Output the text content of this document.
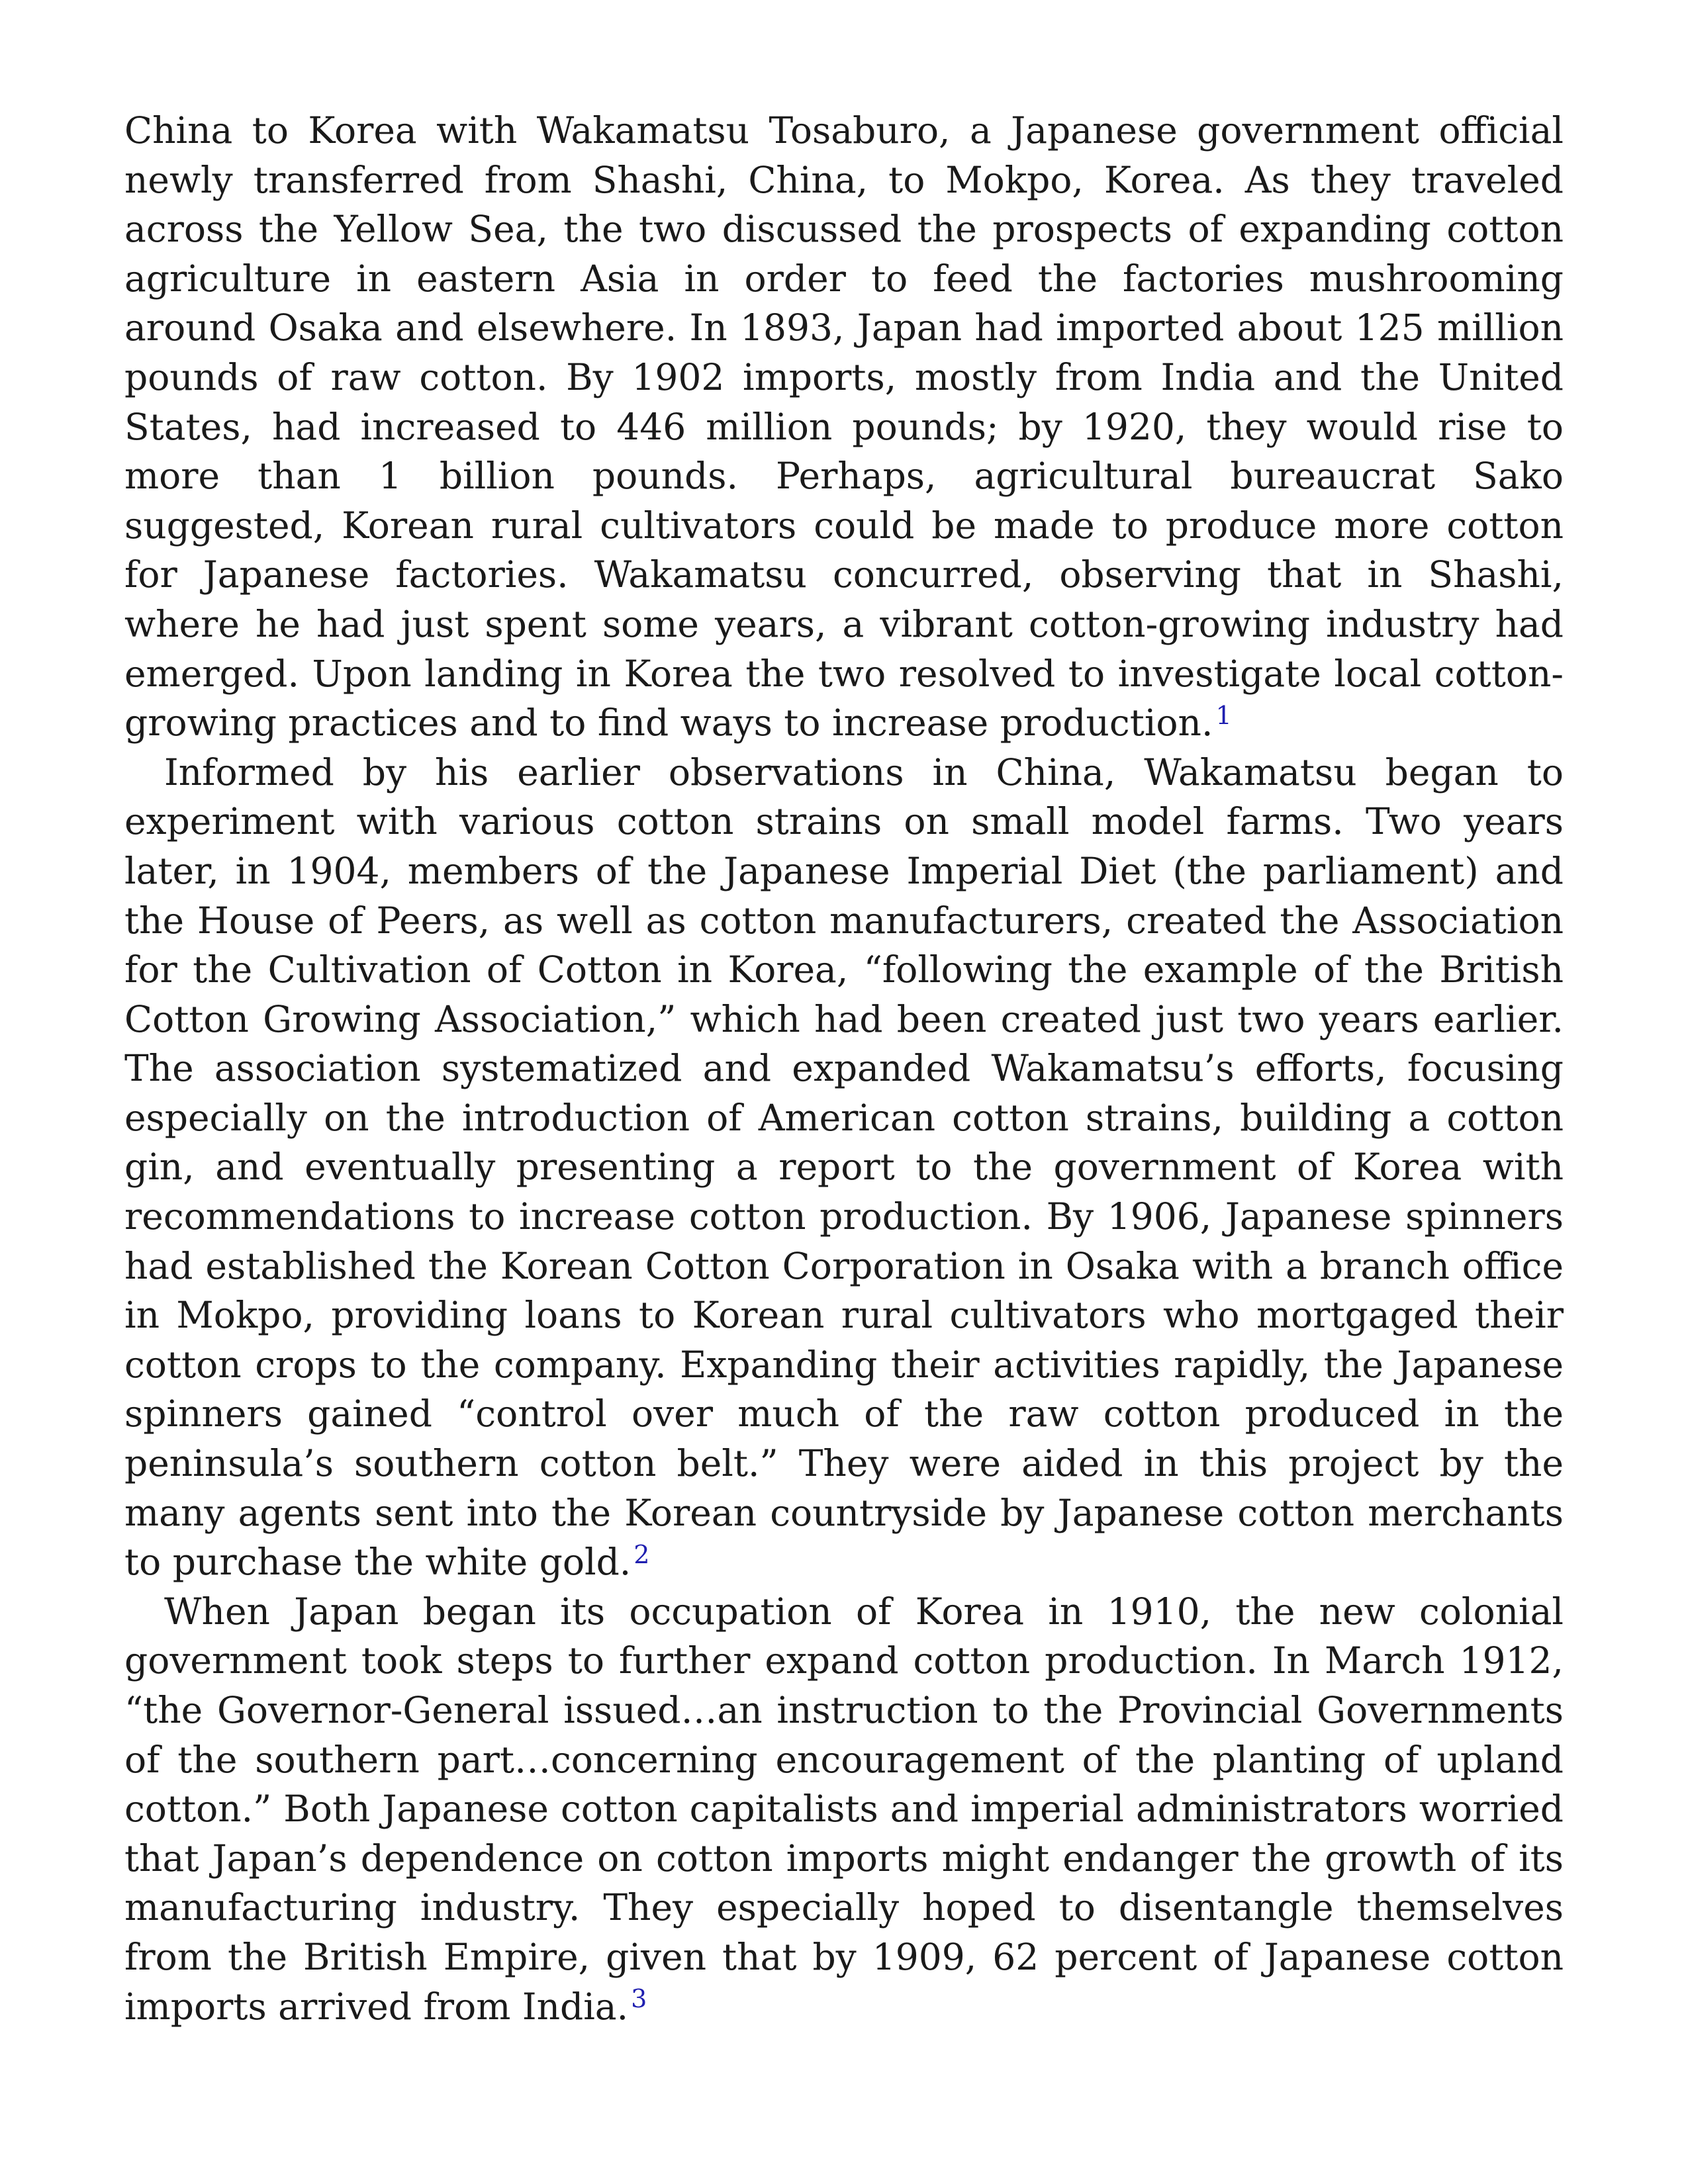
China to Korea with Wakamatsu Tosaburo, a Japanese government official newly transferred from Shashi, China, to Mokpo, Korea. As they traveled across the Yellow Sea, the two discussed the prospects of expanding cotton agriculture in eastern Asia in order to feed the factories mushrooming around Osaka and elsewhere. In 1893, Japan had imported about 125 million pounds of raw cotton. By 1902 imports, mostly from India and the United States, had increased to 446 million pounds; by 1920, they would rise to more than 1 billion pounds. Perhaps, agricultural bureaucrat Sako suggested, Korean rural cultivators could be made to produce more cotton for Japanese factories. Wakamatsu concurred, observing that in Shashi, where he had just spent some years, a vibrant cotton-growing industry had emerged. Upon landing in Korea the two resolved to investigate local cotton-growing practices and to find ways to increase production. $^1$

Informed by his earlier observations in China, Wakamatsu began to experiment with various cotton strains on small model farms. Two years later, in 1904, members of the Japanese Imperial Diet (the parliament) and the House of Peers, as well as cotton manufacturers, created the Association for the Cultivation of Cotton in Korea, “following the example of the British Cotton Growing Association,” which had been created just two years earlier. The association systematized and expanded Wakamatsu’s efforts, focusing especially on the introduction of American cotton strains, building a cotton gin, and eventually presenting a report to the government of Korea with recommendations to increase cotton production. By 1906, Japanese spinners had established the Korean Cotton Corporation in Osaka with a branch office in Mokpo, providing loans to Korean rural cultivators who mortgaged their cotton crops to the company. Expanding their activities rapidly, the Japanese spinners gained “control over much of the raw cotton produced in the peninsula’s southern cotton belt.” They were aided in this project by the many agents sent into the Korean countryside by Japanese cotton merchants to purchase the white gold. $^2$

When Japan began its occupation of Korea in 1910, the new colonial government took steps to further expand cotton production. In March 1912, “the Governor-General issued…an instruction to the Provincial Governments of the southern part…concerning encouragement of the planting of upland cotton.” Both Japanese cotton capitalists and imperial administrators worried that Japan’s dependence on cotton imports might endanger the growth of its manufacturing industry. They especially hoped to disentangle themselves from the British Empire, given that by 1909, 62 percent of Japanese cotton imports arrived from India. $^3$
